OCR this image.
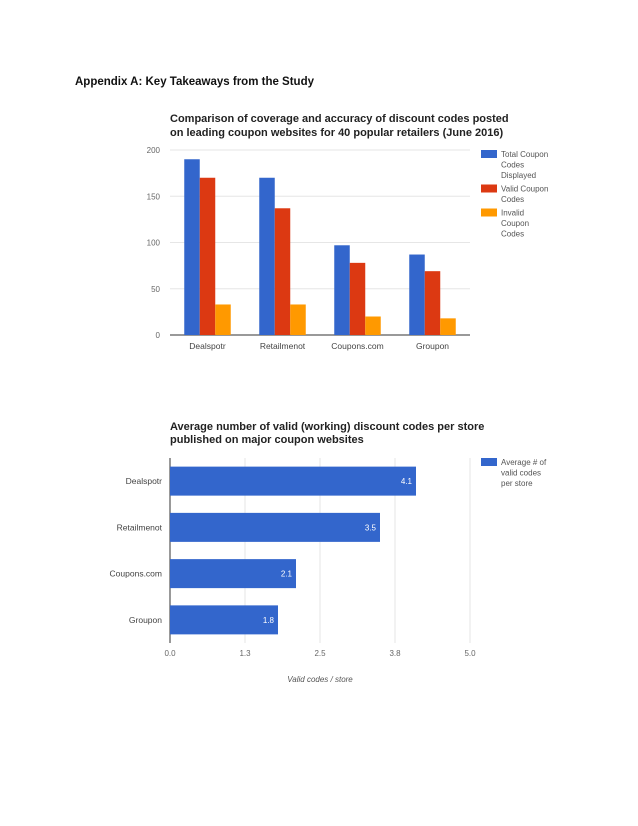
Appendix A: Key Takeaways from the Study
Comparison of coverage and accuracy of discount codes posted
on leading coupon websites for 40 popular retailers (June 2016)
0
50
100
150
200
Dealspotr	Retailmenot	Coupons.com	Groupon
Total Coupon
Codes
Displayed
Valid Coupon
Codes
Invalid
Coupon
Codes
Average number of valid (working) discount codes per store
published on major coupon websites
0.0	1.3	2.5	3.8	5.0
4.1
Dealspotr
3.5
Retailmenot
2.1
Coupons.com
1.8
Groupon
Valid codes / store
Average # of
valid codes
per store
